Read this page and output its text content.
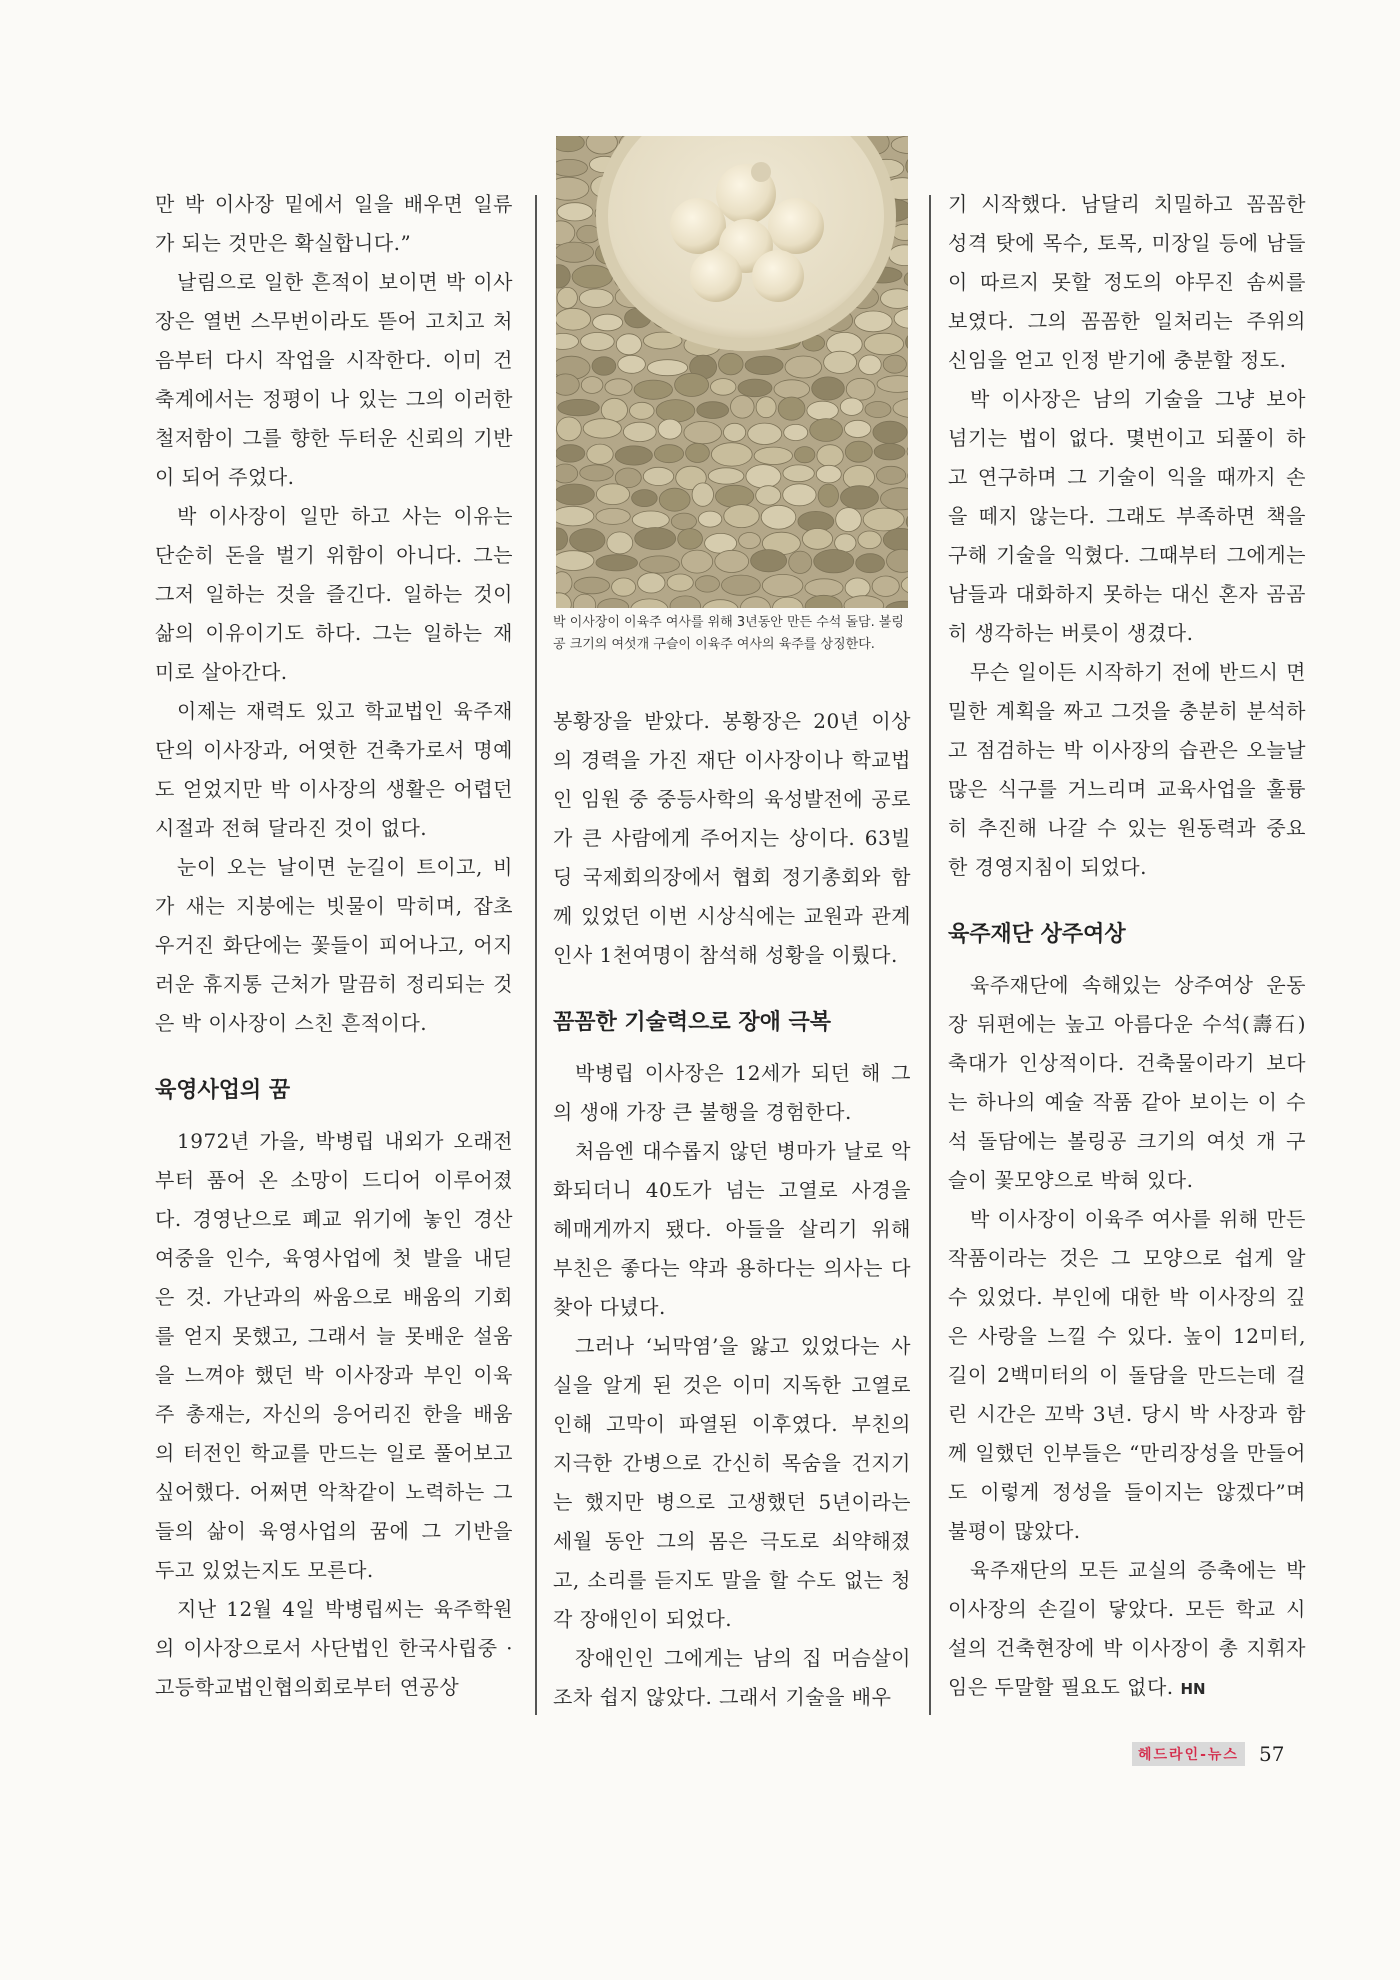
박 이사장이 이육주 여사를 위해 3년동안 만든 수석 돌담. 볼링공 크기의 여섯개 구슬이 이육주 여사의 육주를 상징한다.

만 박 이사장 밑에서 일을 배우면 일류가 되는 것만은 확실합니다.”

날림으로 일한 흔적이 보이면 박 이사장은 열번 스무번이라도 뜯어 고치고 처음부터 다시 작업을 시작한다. 이미 건축계에서는 정평이 나 있는 그의 이러한 철저함이 그를 향한 두터운 신뢰의 기반이 되어 주었다.

박 이사장이 일만 하고 사는 이유는 단순히 돈을 벌기 위함이 아니다. 그는 그저 일하는 것을 즐긴다. 일하는 것이 삶의 이유이기도 하다. 그는 일하는 재미로 살아간다.

이제는 재력도 있고 학교법인 육주재단의 이사장과, 어엿한 건축가로서 명예도 얻었지만 박 이사장의 생활은 어렵던 시절과 전혀 달라진 것이 없다.

눈이 오는 날이면 눈길이 트이고, 비가 새는 지붕에는 빗물이 막히며, 잡초 우거진 화단에는 꽃들이 피어나고, 어지러운 휴지통 근처가 말끔히 정리되는 것은 박 이사장이 스친 흔적이다.

육영사업의 꿈

1972년 가을, 박병립 내외가 오래전부터 품어 온 소망이 드디어 이루어졌다. 경영난으로 폐교 위기에 놓인 경산여중을 인수, 육영사업에 첫 발을 내딛은 것. 가난과의 싸움으로 배움의 기회를 얻지 못했고, 그래서 늘 못배운 설움을 느껴야 했던 박 이사장과 부인 이육주 총재는, 자신의 응어리진 한을 배움의 터전인 학교를 만드는 일로 풀어보고 싶어했다. 어쩌면 악착같이 노력하는 그들의 삶이 육영사업의 꿈에 그 기반을 두고 있었는지도 모른다.

지난 12월 4일 박병립씨는 육주학원의 이사장으로서 사단법인 한국사립중 · 고등학교법인협의회로부터 연공상

봉황장을 받았다. 봉황장은 20년 이상의 경력을 가진 재단 이사장이나 학교법인 임원 중 중등사학의 육성발전에 공로가 큰 사람에게 주어지는 상이다. 63빌딩 국제회의장에서 협회 정기총회와 함께 있었던 이번 시상식에는 교원과 관계 인사 1천여명이 참석해 성황을 이뤘다.

꼼꼼한 기술력으로 장애 극복

박병립 이사장은 12세가 되던 해 그의 생애 가장 큰 불행을 경험한다.

처음엔 대수롭지 않던 병마가 날로 악화되더니 40도가 넘는 고열로 사경을 헤매게까지 됐다. 아들을 살리기 위해 부친은 좋다는 약과 용하다는 의사는 다 찾아 다녔다.

그러나 ‘뇌막염’을 앓고 있었다는 사실을 알게 된 것은 이미 지독한 고열로 인해 고막이 파열된 이후였다. 부친의 지극한 간병으로 간신히 목숨을 건지기는 했지만 병으로 고생했던 5년이라는 세월 동안 그의 몸은 극도로 쇠약해졌고, 소리를 듣지도 말을 할 수도 없는 청각 장애인이 되었다.

장애인인 그에게는 남의 집 머슴살이조차 쉽지 않았다. 그래서 기술을 배우

기 시작했다. 남달리 치밀하고 꼼꼼한 성격 탓에 목수, 토목, 미장일 등에 남들이 따르지 못할 정도의 야무진 솜씨를 보였다. 그의 꼼꼼한 일처리는 주위의 신임을 얻고 인정 받기에 충분할 정도.

박 이사장은 남의 기술을 그냥 보아 넘기는 법이 없다. 몇번이고 되풀이 하고 연구하며 그 기술이 익을 때까지 손을 떼지 않는다. 그래도 부족하면 책을 구해 기술을 익혔다. 그때부터 그에게는 남들과 대화하지 못하는 대신 혼자 곰곰히 생각하는 버릇이 생겼다.

무슨 일이든 시작하기 전에 반드시 면밀한 계획을 짜고 그것을 충분히 분석하고 점검하는 박 이사장의 습관은 오늘날 많은 식구를 거느리며 교육사업을 훌륭히 추진해 나갈 수 있는 원동력과 중요한 경영지침이 되었다.

육주재단 상주여상

육주재단에 속해있는 상주여상 운동장 뒤편에는 높고 아름다운 수석(壽石) 축대가 인상적이다. 건축물이라기 보다는 하나의 예술 작품 같아 보이는 이 수석 돌담에는 볼링공 크기의 여섯 개 구슬이 꽃모양으로 박혀 있다.

박 이사장이 이육주 여사를 위해 만든 작품이라는 것은 그 모양으로 쉽게 알 수 있었다. 부인에 대한 박 이사장의 깊은 사랑을 느낄 수 있다. 높이 12미터, 길이 2백미터의 이 돌담을 만드는데 걸린 시간은 꼬박 3년. 당시 박 사장과 함께 일했던 인부들은 “만리장성을 만들어도 이렇게 정성을 들이지는 않겠다”며 불평이 많았다.

육주재단의 모든 교실의 증축에는 박 이사장의 손길이 닿았다. 모든 학교 시설의 건축현장에 박 이사장이 총 지휘자임은 두말할 필요도 없다. HN

헤드라인-뉴스	57
